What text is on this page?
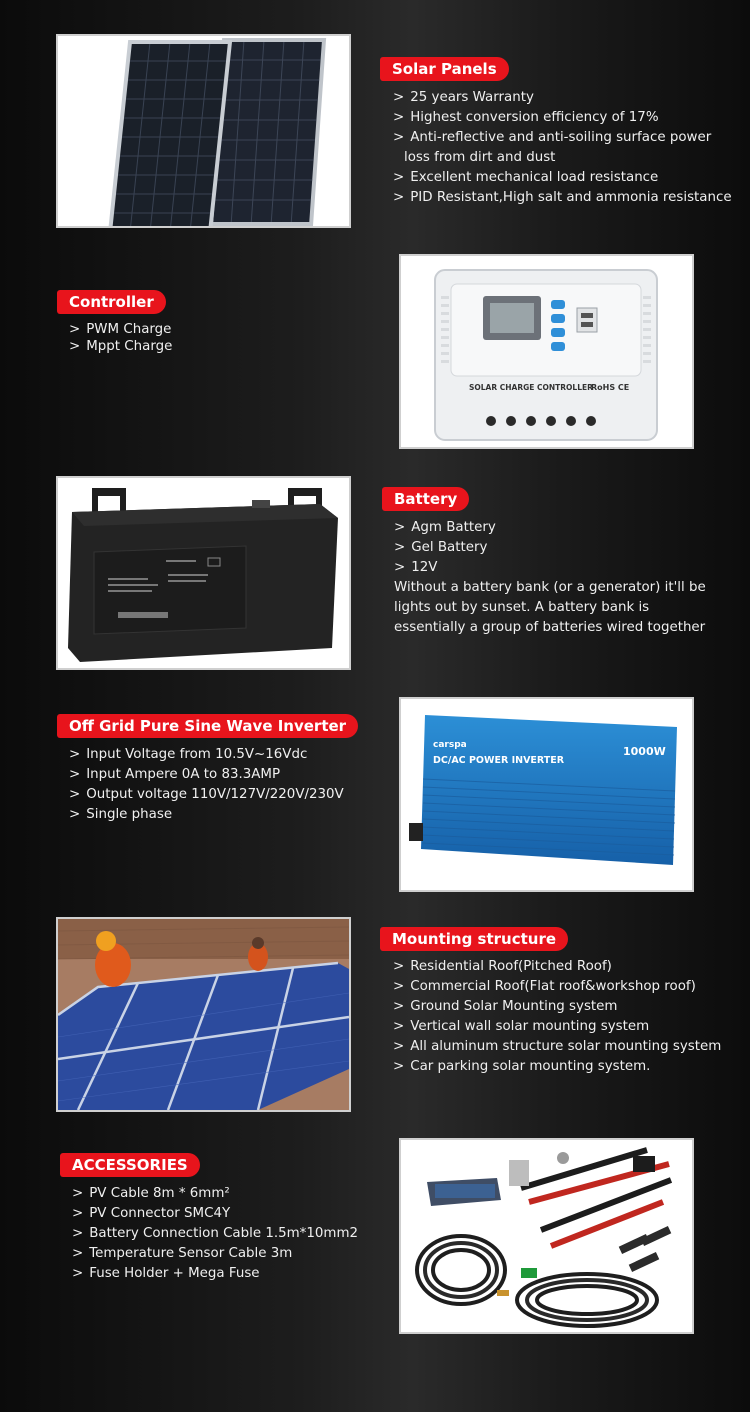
Solar Panels
> 25 years Warranty
> Highest conversion efficiency of 17%
> Anti-reflective and anti-soiling surface power loss from dirt and dust
> Excellent mechanical load resistance
> PID Resistant,High salt and ammonia resistance
Controller
> PWM Charge
> Mppt Charge
SOLAR CHARGE CONTROLLER
RoHS CE
Battery
> Agm Battery
> Gel Battery
> 12V
Without a battery bank (or a generator) it'll be lights out by sunset. A battery bank is essentially a group of batteries wired together
Off Grid Pure Sine Wave Inverter
> Input Voltage from 10.5V~16Vdc
> Input Ampere 0A to 83.3AMP
> Output voltage 110V/127V/220V/230V
> Single phase
carspa
DC/AC POWER INVERTER
1000W
Mounting structure
> Residential Roof(Pitched Roof)
> Commercial Roof(Flat roof&workshop roof)
> Ground Solar Mounting system
> Vertical wall solar mounting system
> All aluminum structure solar mounting system
> Car parking solar mounting system.
ACCESSORIES
> PV Cable 8m * 6mm²
> PV Connector SMC4Y
> Battery Connection Cable 1.5m*10mm2
> Temperature Sensor Cable 3m
> Fuse Holder + Mega Fuse
